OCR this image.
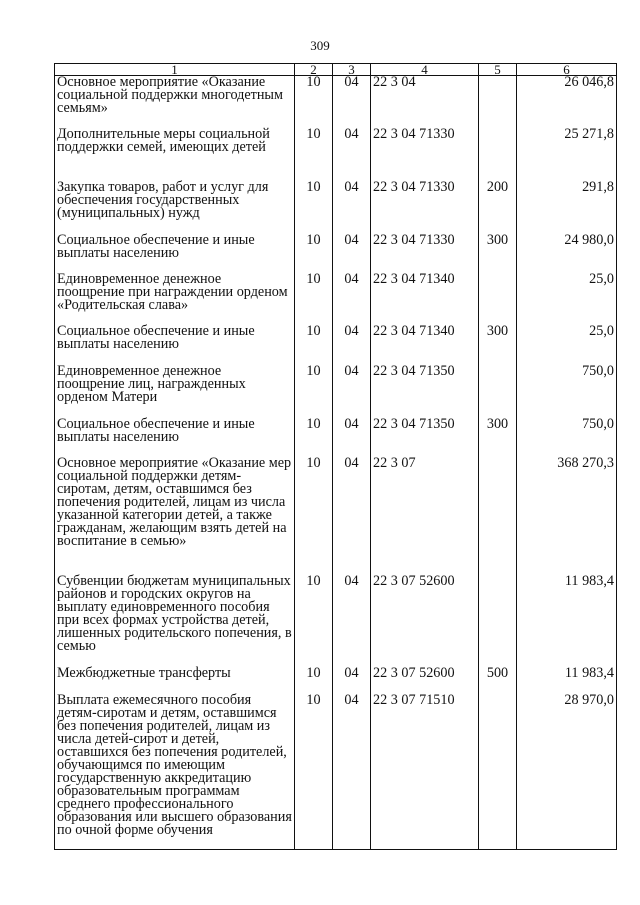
309
1	2	3	4	5	6
Основное мероприятие «Оказание социальной поддержки многодетным семьям»	10	04	22 3 04		26 046,8
Дополнительные меры социальной поддержки семей, имеющих детей	10	04	22 3 04 71330		25 271,8
Закупка товаров, работ и услуг для обеспечения государственных (муниципальных) нужд	10	04	22 3 04 71330	200	291,8
Социальное обеспечение и иные выплаты населению	10	04	22 3 04 71330	300	24 980,0
Единовременное денежное поощрение при награждении орденом «Родительская слава»	10	04	22 3 04 71340		25,0
Социальное обеспечение и иные выплаты населению	10	04	22 3 04 71340	300	25,0
Единовременное денежное поощрение лиц, награжденных орденом Матери	10	04	22 3 04 71350		750,0
Социальное обеспечение и иные выплаты населению	10	04	22 3 04 71350	300	750,0
Основное мероприятие «Оказание мер социальной поддержки детям-сиротам, детям, оставшимся без попечения родителей, лицам из числа указанной категории детей, а также гражданам, желающим взять детей на воспитание в семью»	10	04	22 3 07		368 270,3
Субвенции бюджетам муниципальных районов и городских округов на выплату единовременного пособия при всех формах устройства детей, лишенных родительского попечения, в семью	10	04	22 3 07 52600		11 983,4
Межбюджетные трансферты	10	04	22 3 07 52600	500	11 983,4
Выплата ежемесячного пособия детям-сиротам и детям, оставшимся без попечения родителей, лицам из числа детей-сирот и детей, оставшихся без попечения родителей, обучающимся по имеющим государственную аккредитацию образовательным программам среднего профессионального образования или высшего образования по очной форме обучения	10	04	22 3 07 71510		28 970,0
